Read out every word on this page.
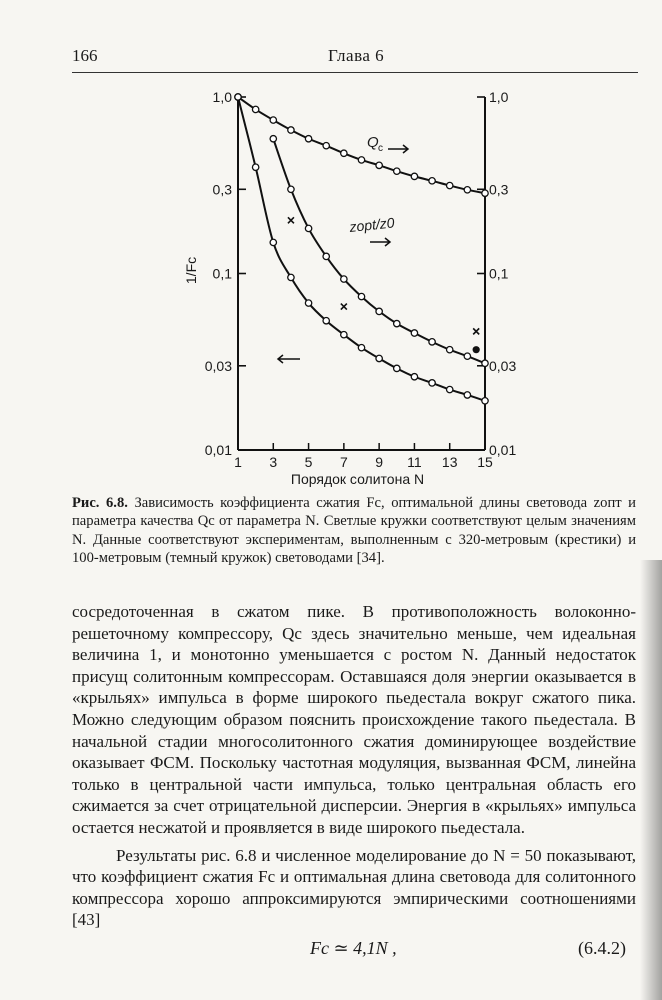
166	Глава 6
1,0
0,3
0,1
0,03
0,01
1,0
0,3
0,1
0,03
0,01
1 3 5 7 9 11 13 15
Порядок солитона N
1/Fc
Q c
zopt/z0
Рис. 6.8. Зависимость коэффициента сжатия Fc, оптимальной длины световода zопт и параметра качества Qc от параметра N. Светлые кружки соответствуют целым значениям N. Данные соответствуют экспериментам, выполненным с 320-метровым (крестики) и 100-метровым (темный кружок) световодами [34].

сосредоточенная в сжатом пике. В противоположность волоконно-решеточному компрессору, Qc здесь значительно меньше, чем идеальная величина 1, и монотонно уменьшается с ростом N. Данный недостаток присущ солитонным компрессорам. Оставшаяся доля энергии оказывается в «крыльях» импульса в форме широкого пьедестала вокруг сжатого пика. Можно следующим образом пояснить происхождение такого пьедестала. В начальной стадии многосолитонного сжатия доминирующее воздействие оказывает ФСМ. Поскольку частотная модуляция, вызванная ФСМ, линейна только в центральной части импульса, только центральная область его сжимается за счет отрицательной дисперсии. Энергия в «крыльях» импульса остается несжатой и проявляется в виде широкого пьедестала.

Результаты рис. 6.8 и численное моделирование до N = 50 показывают, что коэффициент сжатия Fc и оптимальная длина световода для солитонного компрессора хорошо аппроксимируются эмпирическими соотношениями [43]

Fc ≃ 4,1N ,	(6.4.2)
